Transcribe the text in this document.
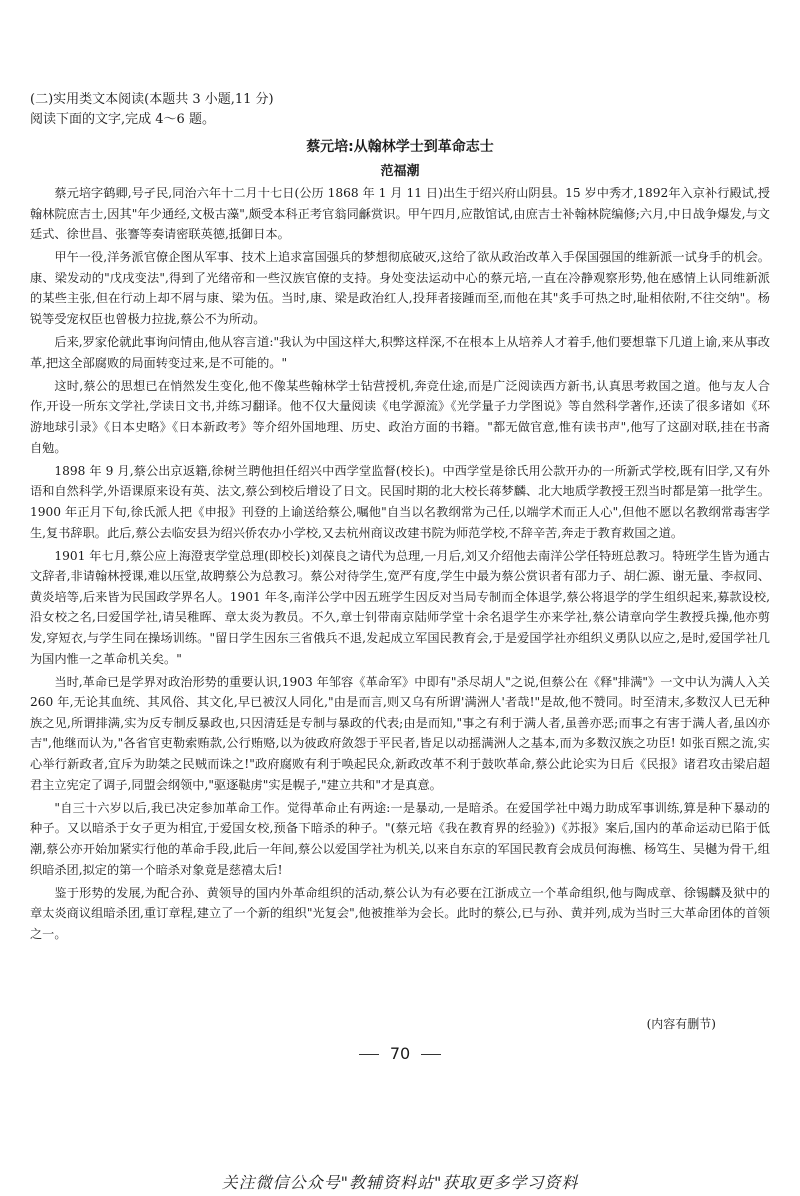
(二)实用类文本阅读(本题共 3 小题,11 分)
阅读下面的文字,完成 4～6 题。
蔡元培:从翰林学士到革命志士
范福潮

蔡元培字鹤卿,号孑民,同治六年十二月十七日(公历 1868 年 1 月 11 日)出生于绍兴府山阴县。15 岁中秀才,1892年入京补行殿试,授翰林院庶吉士,因其"年少通经,文极古藻",颇受本科正考官翁同龢赏识。甲午四月,应散馆试,由庶吉士补翰林院编修;六月,中日战争爆发,与文廷式、徐世昌、张謇等奏请密联英德,抵御日本。

甲午一役,洋务派官僚企图从军事、技术上追求富国强兵的梦想彻底破灭,这给了欲从政治改革入手保国强国的维新派一试身手的机会。康、梁发动的"戊戌变法",得到了光绪帝和一些汉族官僚的支持。身处变法运动中心的蔡元培,一直在冷静观察形势,他在感情上认同维新派的某些主张,但在行动上却不屑与康、梁为伍。当时,康、梁是政治红人,投拜者接踵而至,而他在其"炙手可热之时,耻相依附,不往交纳"。杨锐等受宠权臣也曾极力拉拢,蔡公不为所动。

后来,罗家伦就此事询问情由,他从容言道:"我认为中国这样大,积弊这样深,不在根本上从培养人才着手,他们要想靠下几道上谕,来从事改革,把这全部腐败的局面转变过来,是不可能的。"

这时,蔡公的思想已在悄然发生变化,他不像某些翰林学士钻营授机,奔竞仕途,而是广泛阅读西方新书,认真思考救国之道。他与友人合作,开设一所东文学社,学读日文书,并练习翻译。他不仅大量阅读《电学源流》《光学量子力学图说》等自然科学著作,还读了很多诸如《环游地球引录》《日本史略》《日本新政考》等介绍外国地理、历史、政治方面的书籍。"都无做官意,惟有读书声",他写了这副对联,挂在书斋自勉。

1898 年 9 月,蔡公出京返籍,徐树兰聘他担任绍兴中西学堂监督(校长)。中西学堂是徐氏用公款开办的一所新式学校,既有旧学,又有外语和自然科学,外语课原来设有英、法文,蔡公到校后增设了日文。民国时期的北大校长蒋梦麟、北大地质学教授王烈当时都是第一批学生。1900 年正月下旬,徐氏派人把《申报》刊登的上谕送给蔡公,嘱他"自当以名教纲常为己任,以端学术而正人心",但他不愿以名教纲常毒害学生,复书辞职。此后,蔡公去临安县为绍兴侨农办小学校,又去杭州商议改建书院为师范学校,不辞辛苦,奔走于教育救国之道。

1901 年七月,蔡公应上海澄衷学堂总理(即校长)刘葆良之请代为总理,一月后,刘又介绍他去南洋公学任特班总教习。特班学生皆为通古文辞者,非请翰林授课,难以压堂,故聘蔡公为总教习。蔡公对待学生,宽严有度,学生中最为蔡公赏识者有邵力子、胡仁源、谢无量、李叔同、黄炎培等,后来皆为民国政学界名人。1901 年冬,南洋公学中因五班学生因反对当局专制而全体退学,蔡公将退学的学生组织起来,募款设校,沿女校之名,曰爱国学社,请吴稚晖、章太炎为教员。不久,章士钊带南京陆师学堂十余名退学生亦来学社,蔡公请章向学生教授兵操,他亦剪发,穿短衣,与学生同在操场训练。"留日学生因东三省俄兵不退,发起成立军国民教育会,于是爱国学社亦组织义勇队以应之,是时,爱国学社几为国内惟一之革命机关矣。"

当时,革命已是学界对政治形势的重要认识,1903 年邹容《革命军》中即有"杀尽胡人"之说,但蔡公在《释"排满"》一文中认为满人入关 260 年,无论其血统、其风俗、其文化,早已被汉人同化,"由是而言,则又乌有所谓'满洲人'者哉!"是故,他不赞同。时至清末,多数汉人已无种族之见,所谓排满,实为反专制反暴政也,只因清廷是专制与暴政的代表;由是而知,"事之有利于满人者,虽善亦恶;而事之有害于满人者,虽凶亦吉",他继而认为,"各省官吏勒索贿款,公行贿赂,以为彼政府敛怨于平民者,皆足以动摇满洲人之基本,而为多数汉族之功臣! 如张百熙之流,实心举行新政者,宜斥为助桀之民贼而诛之!"政府腐败有利于唤起民众,新政改革不利于鼓吹革命,蔡公此论实为日后《民报》诸君攻击梁启超君主立宪定了调子,同盟会纲领中,"驱逐鞑虏"实是幌子,"建立共和"才是真意。

"自三十六岁以后,我已决定参加革命工作。觉得革命止有两途:一是暴动,一是暗杀。在爱国学社中竭力助成军事训练,算是种下暴动的种子。又以暗杀于女子更为相宜,于爱国女校,预备下暗杀的种子。"(蔡元培《我在教育界的经验》)《苏报》案后,国内的革命运动已陷于低潮,蔡公亦开始加紧实行他的革命手段,此后一年间,蔡公以爱国学社为机关,以来自东京的军国民教育会成员何海樵、杨笃生、吴樾为骨干,组织暗杀团,拟定的第一个暗杀对象竟是慈禧太后!

鉴于形势的发展,为配合孙、黄领导的国内外革命组织的活动,蔡公认为有必要在江浙成立一个革命组织,他与陶成章、徐锡麟及狱中的章太炎商议组暗杀团,重订章程,建立了一个新的组织"光复会",他被推举为会长。此时的蔡公,已与孙、黄并列,成为当时三大革命团体的首领之一。

(内容有删节)
70
关注微信公众号"教辅资料站"获取更多学习资料
